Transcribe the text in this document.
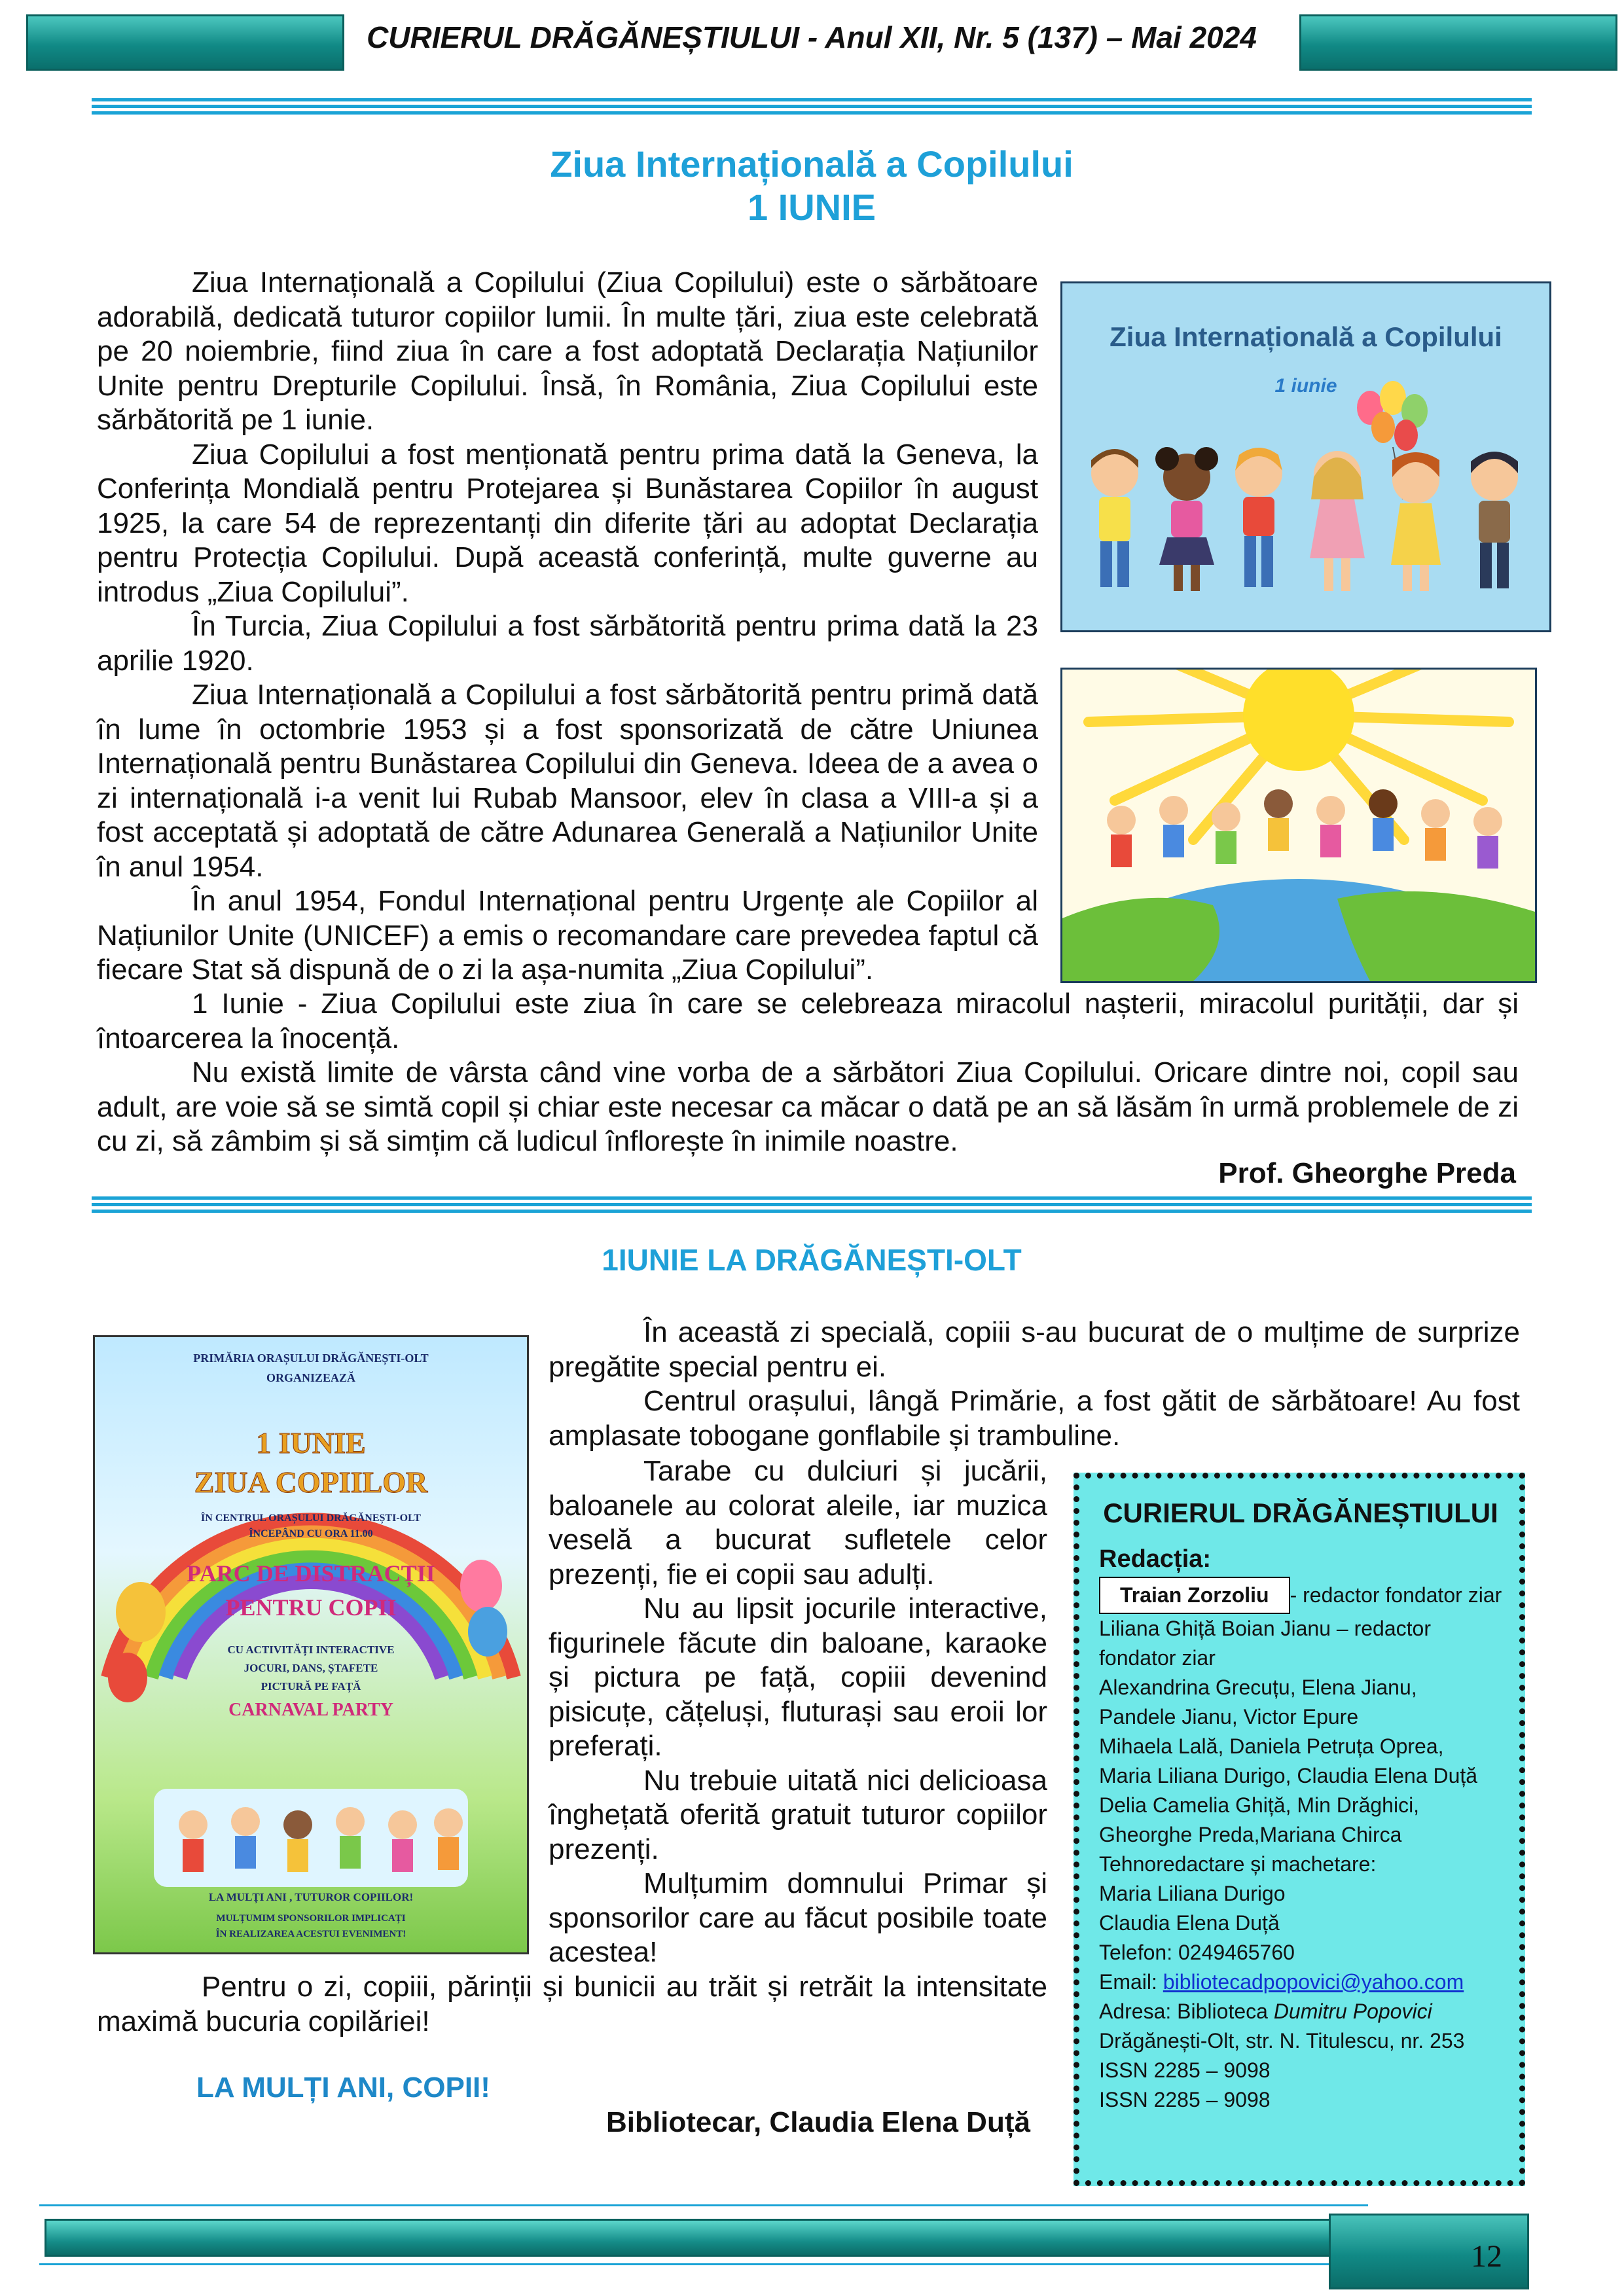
CURIERUL DRĂGĂNEȘTIULUI - Anul XII, Nr. 5 (137) – Mai 2024
Ziua Internațională a Copilului
1 IUNIE

Ziua Internațională a Copilului (Ziua Copilului) este o sărbătoare adorabilă, dedicată tuturor copiilor lumii. În multe țări, ziua este celebrată pe 20 noiembrie, fiind ziua în care a fost adoptată Declarația Națiunilor Unite pentru Drepturile Copilului. Însă, în România, Ziua Copilului este sărbătorită pe 1 iunie.

Ziua Copilului a fost menționată pentru prima dată la Geneva, la Conferința Mondială pentru Protejarea și Bunăstarea Copiilor în august 1925, la care 54 de reprezentanți din diferite țări au adoptat Declarația pentru Protecția Copilului. După această conferință, multe guverne au introdus „Ziua Copilului”.

În Turcia, Ziua Copilului a fost sărbătorită pentru prima dată la 23 aprilie 1920.

Ziua Internațională a Copilului a fost sărbătorită pentru primă dată în lume în octombrie 1953 și a fost sponsorizată de către Uniunea Internațională pentru Bunăstarea Copilului din Geneva. Ideea de a avea o zi internațională i-a venit lui Rubab Mansoor, elev în clasa a VIII-a și a fost acceptată și adoptată de către Adunarea Generală a Națiunilor Unite în anul 1954.

În anul 1954, Fondul Internațional pentru Urgențe ale Copiilor al Națiunilor Unite (UNICEF) a emis o recomandare care prevedea faptul că fiecare Stat să dispună de o zi la așa-numita „Ziua Copilului”.

1 Iunie - Ziua Copilului este ziua în care se celebreaza miracolul nașterii, miracolul purității, dar și întoarcerea la înocență.

Nu există limite de vârsta când vine vorba de a sărbători Ziua Copilului. Oricare dintre noi, copil sau adult, are voie să se simtă copil și chiar este necesar ca măcar o dată pe an să lăsăm în urmă problemele de zi cu zi, să zâmbim și să simțim că ludicul înflorește în inimile noastre.

Prof. Gheorghe Preda
Ziua Internațională a Copilului
1 iunie
1IUNIE LA DRĂGĂNEȘTI-OLT
PRIMĂRIA ORAȘULUI DRĂGĂNEȘTI-OLT
ORGANIZEAZĂ
1 IUNIE
ZIUA COPIILOR
ÎN CENTRUL ORAȘULUI DRĂGĂNEȘTI-OLT
ÎNCEPÂND CU ORA 11.00
PARC DE DISTRACȚII
PENTRU COPII
CU ACTIVITĂȚI INTERACTIVE
JOCURI, DANS, ȘTAFETE
PICTURĂ PE FAȚĂ
CARNAVAL PARTY
LA MULȚI ANI , TUTUROR COPIILOR!
MULȚUMIM SPONSORILOR IMPLICAȚI
ÎN REALIZAREA ACESTUI EVENIMENT!

În această zi specială, copiii s-au bucurat de o mulțime de surprize pregătite special pentru ei.

Centrul orașului, lângă Primărie, a fost gătit de sărbătoare! Au fost amplasate tobogane gonflabile și trambuline.

Tarabe cu dulciuri și jucării, baloanele au colorat aleile, iar muzica veselă a bucurat sufletele celor prezenți, fie ei copii sau adulți.

Nu au lipsit jocurile interactive, figurinele făcute din baloane, karaoke și pictura pe față, copiii devenind pisicuțe, cățeluși, fluturași sau eroii lor preferați.

Nu trebuie uitată nici delicioasa înghețată oferită gratuit tuturor copiilor prezenți.

Mulțumim domnului Primar și sponsorilor care au făcut posibile toate acestea!

Pentru o zi, copiii, părinții și bunicii au trăit și retrăit la intensitate maximă bucuria copilăriei!

LA MULȚI ANI, COPII!
Bibliotecar, Claudia Elena Duță
CURIERUL DRĂGĂNEȘTIULUI
Redacția:
Traian Zorzoliu - redactor fondator ziar
Liliana Ghiță Boian Jianu – redactor fondator ziar
Alexandrina Grecuțu, Elena Jianu,
Pandele Jianu, Victor Epure
Mihaela Lală, Daniela Petruța Oprea,
Maria Liliana Durigo, Claudia Elena Duță
Delia Camelia Ghiță, Min Drăghici,
Gheorghe Preda,Mariana Chirca
Tehnoredactare și machetare:
Maria Liliana Durigo
Claudia Elena Duță
Telefon: 0249465760
Email: bibliotecadpopovici@yahoo.com
Adresa: Biblioteca Dumitru Popovici
Drăgănești-Olt, str. N. Titulescu, nr. 253
ISSN 2285 – 9098
ISSN 2285 – 9098
12
